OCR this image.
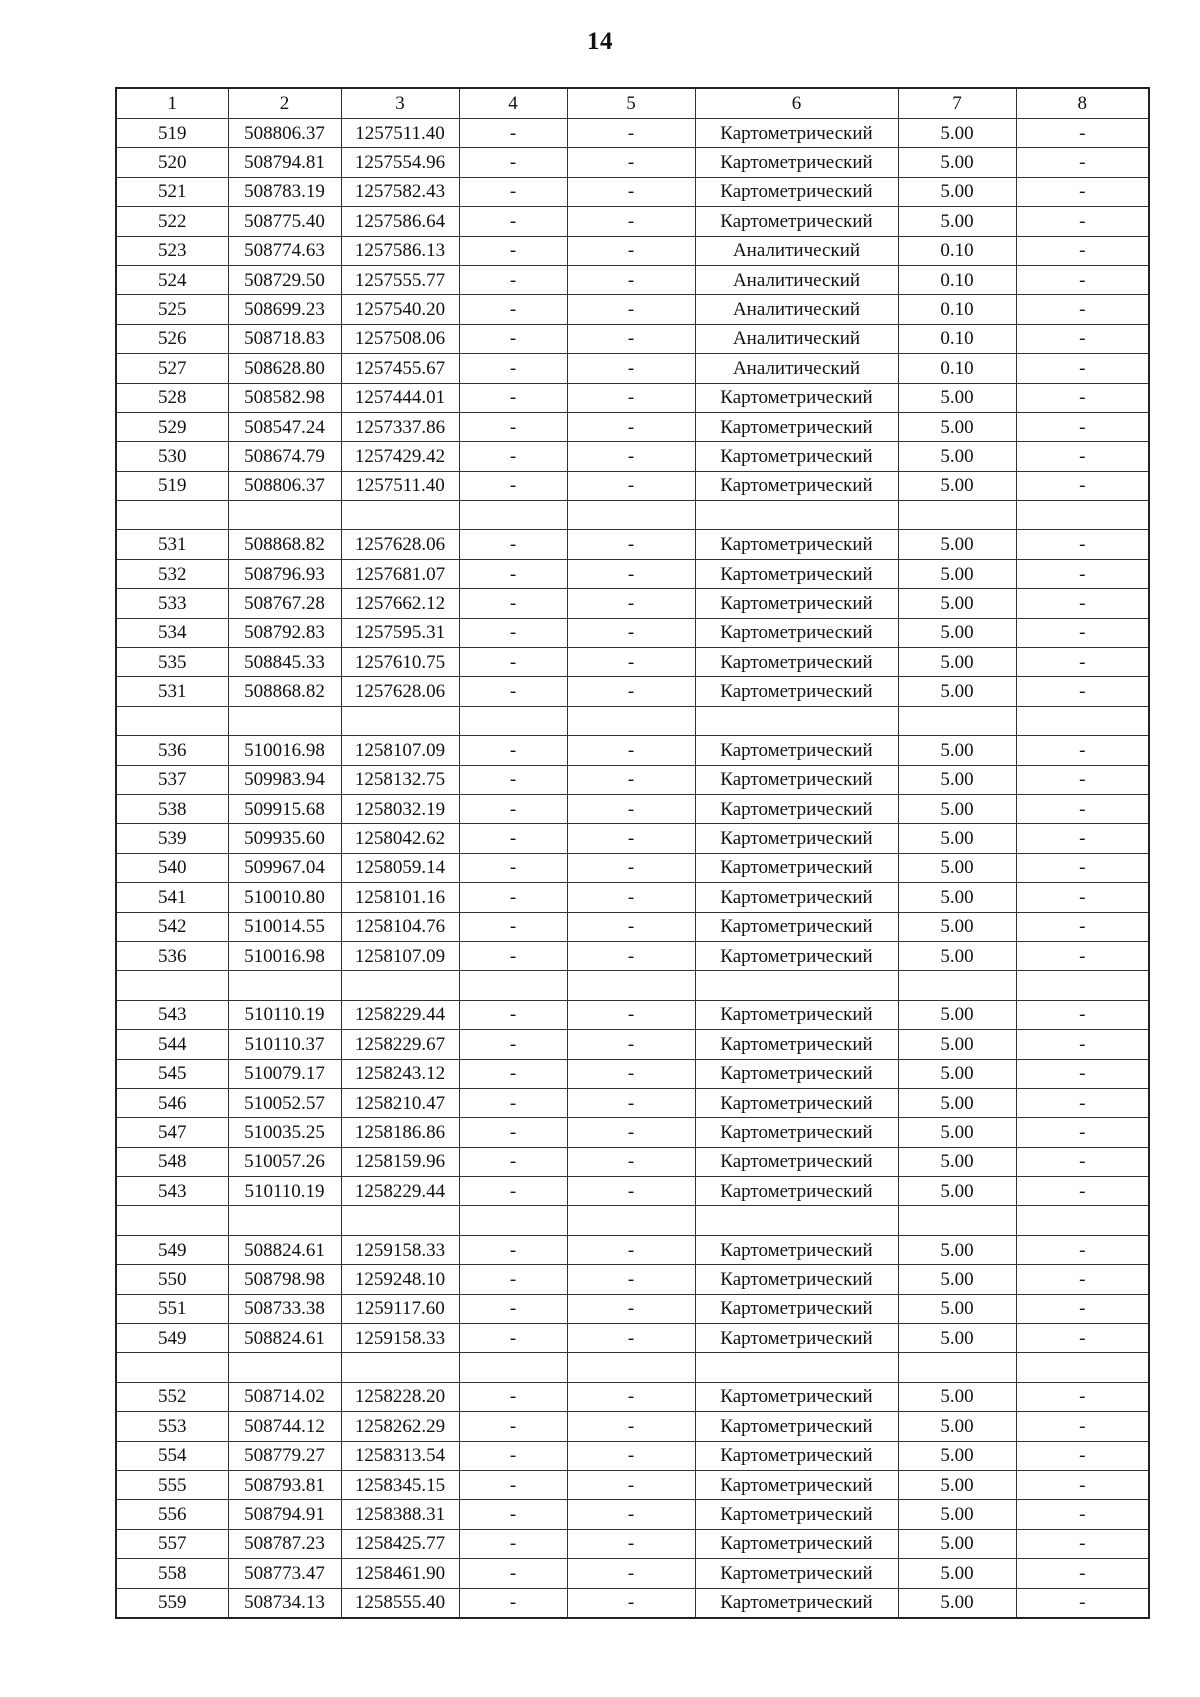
14
1	2	3	4	5	6	7	8
519	508806.37	1257511.40	-	-	Картометрический	5.00	-
520	508794.81	1257554.96	-	-	Картометрический	5.00	-
521	508783.19	1257582.43	-	-	Картометрический	5.00	-
522	508775.40	1257586.64	-	-	Картометрический	5.00	-
523	508774.63	1257586.13	-	-	Аналитический	0.10	-
524	508729.50	1257555.77	-	-	Аналитический	0.10	-
525	508699.23	1257540.20	-	-	Аналитический	0.10	-
526	508718.83	1257508.06	-	-	Аналитический	0.10	-
527	508628.80	1257455.67	-	-	Аналитический	0.10	-
528	508582.98	1257444.01	-	-	Картометрический	5.00	-
529	508547.24	1257337.86	-	-	Картометрический	5.00	-
530	508674.79	1257429.42	-	-	Картометрический	5.00	-
519	508806.37	1257511.40	-	-	Картометрический	5.00	-

531	508868.82	1257628.06	-	-	Картометрический	5.00	-
532	508796.93	1257681.07	-	-	Картометрический	5.00	-
533	508767.28	1257662.12	-	-	Картометрический	5.00	-
534	508792.83	1257595.31	-	-	Картометрический	5.00	-
535	508845.33	1257610.75	-	-	Картометрический	5.00	-
531	508868.82	1257628.06	-	-	Картометрический	5.00	-

536	510016.98	1258107.09	-	-	Картометрический	5.00	-
537	509983.94	1258132.75	-	-	Картометрический	5.00	-
538	509915.68	1258032.19	-	-	Картометрический	5.00	-
539	509935.60	1258042.62	-	-	Картометрический	5.00	-
540	509967.04	1258059.14	-	-	Картометрический	5.00	-
541	510010.80	1258101.16	-	-	Картометрический	5.00	-
542	510014.55	1258104.76	-	-	Картометрический	5.00	-
536	510016.98	1258107.09	-	-	Картометрический	5.00	-

543	510110.19	1258229.44	-	-	Картометрический	5.00	-
544	510110.37	1258229.67	-	-	Картометрический	5.00	-
545	510079.17	1258243.12	-	-	Картометрический	5.00	-
546	510052.57	1258210.47	-	-	Картометрический	5.00	-
547	510035.25	1258186.86	-	-	Картометрический	5.00	-
548	510057.26	1258159.96	-	-	Картометрический	5.00	-
543	510110.19	1258229.44	-	-	Картометрический	5.00	-

549	508824.61	1259158.33	-	-	Картометрический	5.00	-
550	508798.98	1259248.10	-	-	Картометрический	5.00	-
551	508733.38	1259117.60	-	-	Картометрический	5.00	-
549	508824.61	1259158.33	-	-	Картометрический	5.00	-

552	508714.02	1258228.20	-	-	Картометрический	5.00	-
553	508744.12	1258262.29	-	-	Картометрический	5.00	-
554	508779.27	1258313.54	-	-	Картометрический	5.00	-
555	508793.81	1258345.15	-	-	Картометрический	5.00	-
556	508794.91	1258388.31	-	-	Картометрический	5.00	-
557	508787.23	1258425.77	-	-	Картометрический	5.00	-
558	508773.47	1258461.90	-	-	Картометрический	5.00	-
559	508734.13	1258555.40	-	-	Картометрический	5.00	-
